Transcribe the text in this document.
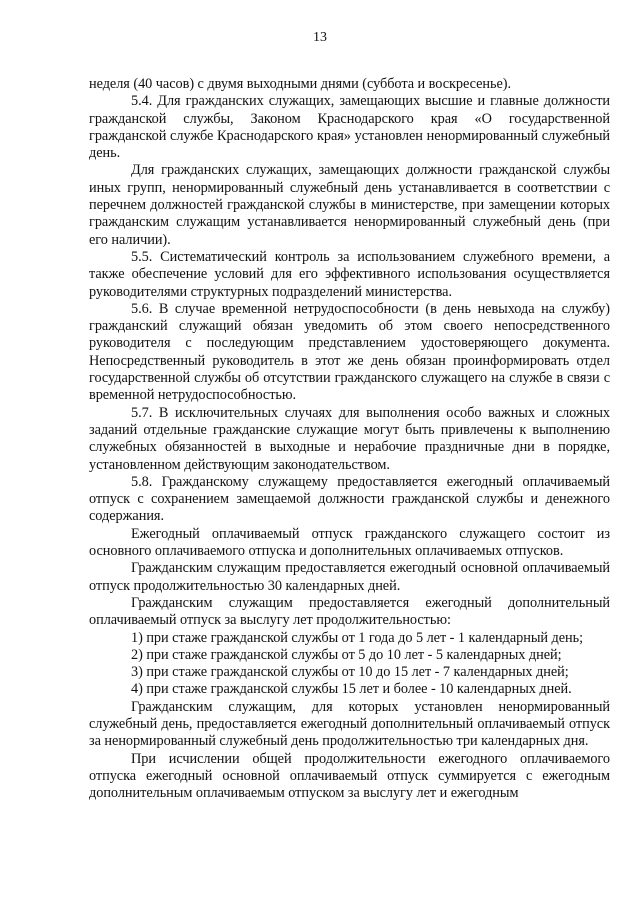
13

неделя (40 часов) с двумя выходными днями (суббота и воскресенье).

5.4. Для гражданских служащих, замещающих высшие и главные должности гражданской службы, Законом Краснодарского края «О государственной гражданской службе Краснодарского края» установлен ненормированный служебный день.

Для гражданских служащих, замещающих должности гражданской службы иных групп, ненормированный служебный день устанавливается в соответствии с перечнем должностей гражданской службы в министерстве, при замещении которых гражданским служащим устанавливается ненормированный служебный день (при его наличии).

5.5. Систематический контроль за использованием служебного времени, а также обеспечение условий для его эффективного использования осуществляется руководителями структурных подразделений министерства.

5.6. В случае временной нетрудоспособности (в день невыхода на службу) гражданский служащий обязан уведомить об этом своего непосредственного руководителя с последующим представлением удостоверяющего документа. Непосредственный руководитель в этот же день обязан проинформировать отдел государственной службы об отсутствии гражданского служащего на службе в связи с временной нетрудоспособностью.

5.7. В исключительных случаях для выполнения особо важных и сложных заданий отдельные гражданские служащие могут быть привлечены к выполнению служебных обязанностей в выходные и нерабочие праздничные дни в порядке, установленном действующим законодательством.

5.8. Гражданскому служащему предоставляется ежегодный оплачиваемый отпуск с сохранением замещаемой должности гражданской службы и денежного содержания.

Ежегодный оплачиваемый отпуск гражданского служащего состоит из основного оплачиваемого отпуска и дополнительных оплачиваемых отпусков.

Гражданским служащим предоставляется ежегодный основной оплачиваемый отпуск продолжительностью 30 календарных дней.

Гражданским служащим предоставляется ежегодный дополнительный оплачиваемый отпуск за выслугу лет продолжительностью:

1) при стаже гражданской службы от 1 года до 5 лет - 1 календарный день;

2) при стаже гражданской службы от 5 до 10 лет - 5 календарных дней;

3) при стаже гражданской службы от 10 до 15 лет - 7 календарных дней;

4) при стаже гражданской службы 15 лет и более - 10 календарных дней.

Гражданским служащим, для которых установлен ненормированный служебный день, предоставляется ежегодный дополнительный оплачиваемый отпуск за ненормированный служебный день продолжительностью три календарных дня.

При исчислении общей продолжительности ежегодного оплачиваемого отпуска ежегодный основной оплачиваемый отпуск суммируется с ежегодным дополнительным оплачиваемым отпуском за выслугу лет и ежегодным
